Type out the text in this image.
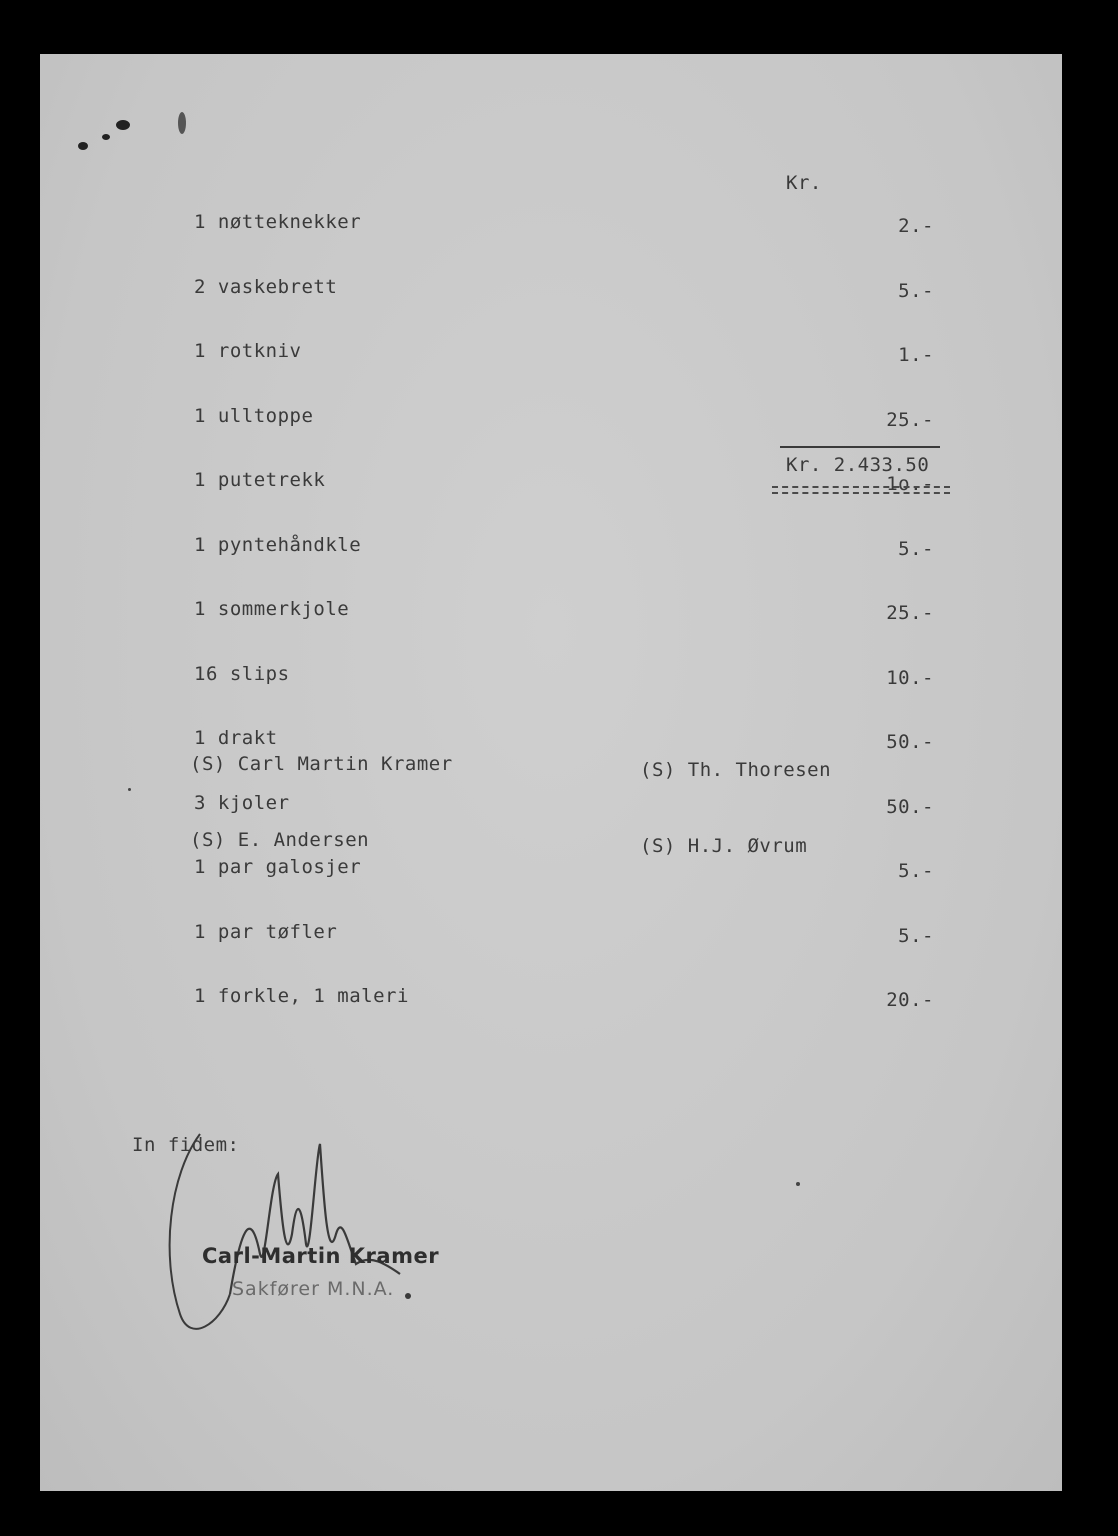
1 nøtteknekker

2 vaskebrett

1 rotkniv

1 ulltoppe

1 putetrekk

1 pyntehåndkle

1 sommerkjole

16 slips

1 drakt

3 kjoler

1 par galosjer

1 par tøfler

1 forkle, 1 maleri

Kr.

2.-

5.-

1.-

25.-

1o.-

5.-

25.-

10.-

50.-

50.-

5.-

5.-

20.-

Kr. 2.433.50

(S) Carl Martin Kramer

(S) E. Andersen

(S) Th. Thoresen

(S) H.J. Øvrum

In fidem:
Carl-Martin Kramer
Sakfører M.N.A.
